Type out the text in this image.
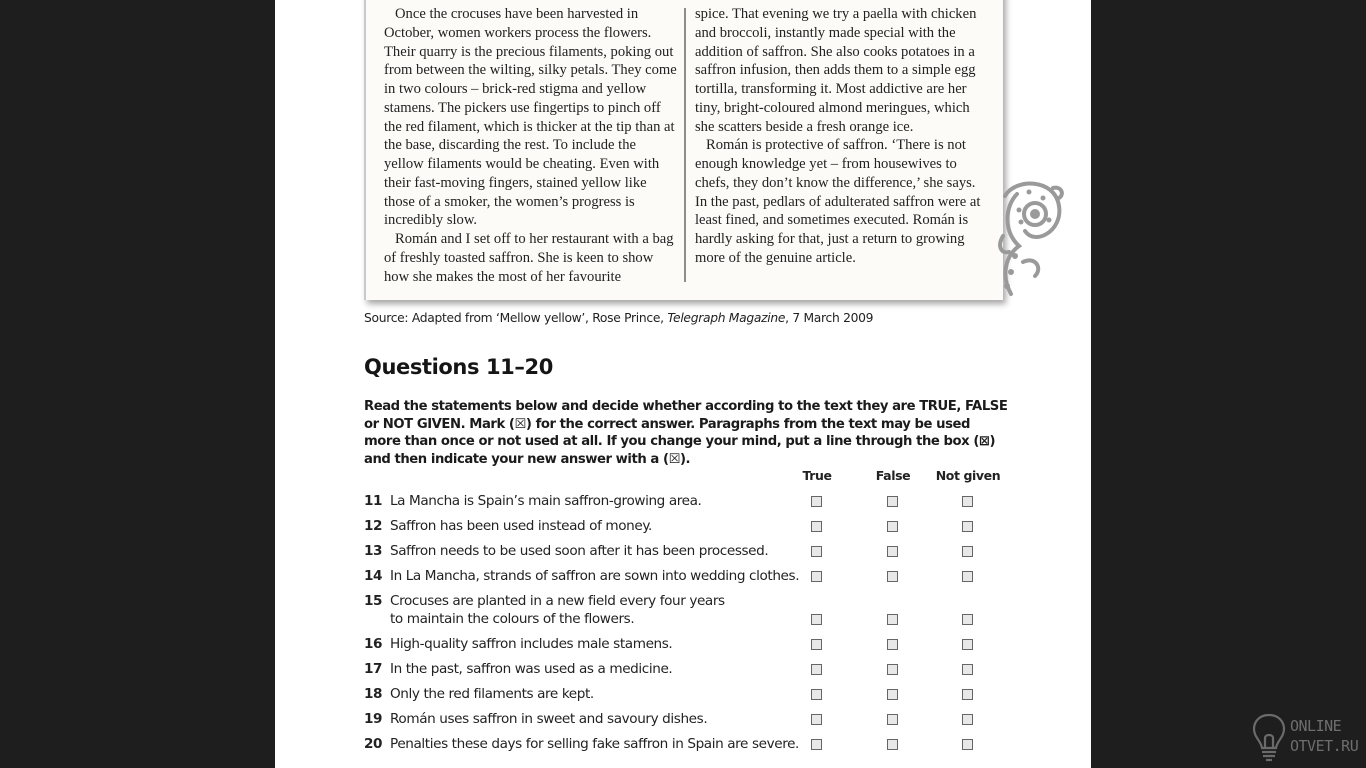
Once the crocuses have been harvested in October, women workers process the flowers. Their quarry is the precious filaments, poking out from between the wilting, silky petals. They come in two colours – brick-red stigma and yellow stamens. The pickers use fingertips to pinch off the red filament, which is thicker at the tip than at the base, discarding the rest. To include the yellow filaments would be cheating. Even with their fast-moving fingers, stained yellow like those of a smoker, the women’s progress is incredibly slow.

Román and I set off to her restaurant with a bag of freshly toasted saffron. She is keen to show how she makes the most of her favourite

spice. That evening we try a paella with chicken and broccoli, instantly made special with the addition of saffron. She also cooks potatoes in a saffron infusion, then adds them to a simple egg tortilla, transforming it. Most addictive are her tiny, bright-coloured almond meringues, which she scatters beside a fresh orange ice.

Román is protective of saffron. ‘There is not enough knowledge yet – from housewives to chefs, they don’t know the difference,’ she says. In the past, pedlars of adulterated saffron were at least fined, and sometimes executed. Román is hardly asking for that, just a return to growing more of the genuine article.

Source: Adapted from ‘Mellow yellow’, Rose Prince, Telegraph Magazine, 7 March 2009
Questions 11–20
Read the statements below and decide whether according to the text they are TRUE, FALSE or NOT GIVEN. Mark (☒) for the correct answer. Paragraphs from the text may be used more than once or not used at all. If you change your mind, put a line through the box (⊠) and then indicate your new answer with a (☒).
True	False Not given
11 La Mancha is Spain’s main saffron-growing area.
12 Saffron has been used instead of money.
13 Saffron needs to be used soon after it has been processed.
14 In La Mancha, strands of saffron are sown into wedding clothes.
15 Crocuses are planted in a new field every four years to maintain the colours of the flowers.
16 High-quality saffron includes male stamens.
17 In the past, saffron was used as a medicine.
18 Only the red filaments are kept.
19 Román uses saffron in sweet and savoury dishes.
20 Penalties these days for selling fake saffron in Spain are severe.
ONLINE
OTVET.RU
